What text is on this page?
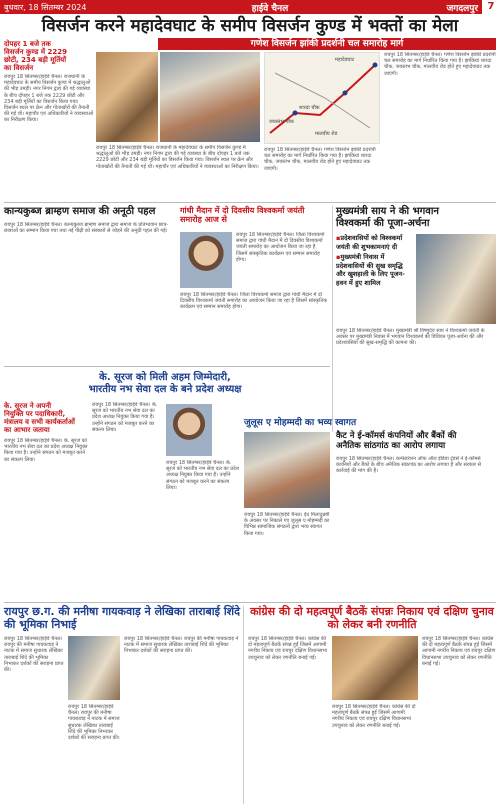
बुधवार, 18 सितम्बर 2024	हाईवे चैनल	जगदलपुर 7
विसर्जन करने महादेवघाट के समीप विसर्जन कुण्ड में भक्तों का मेला
गणेश विसर्जन झांकी प्रदर्शनी चल समारोह मार्ग
दोपहर 1 बजे तक
विसर्जन कुण्ड में 2229
छोटी, 234 बड़ी मूर्तियों
का विसर्जन
रायपुर 18 सितम्बर/हाईवे चैनल। राजधानी के महादेवघाट के समीप विसर्जन कुण्ड में श्रद्धालुओं की भीड़ उमड़ी। नगर निगम द्वारा की गई व्यवस्था के बीच दोपहर 1 बजे तक 2229 छोटी और 234 बड़ी मूर्तियों का विसर्जन किया गया। विसर्जन स्थल पर क्रेन और गोताखोरों की तैनाती की गई थी। महापौर एवं अधिकारियों ने व्यवस्थाओं का निरीक्षण किया।
रायपुर 18 सितम्बर/हाईवे चैनल। राजधानी के महादेवघाट के समीप विसर्जन कुण्ड में श्रद्धालुओं की भीड़ उमड़ी। नगर निगम द्वारा की गई व्यवस्था के बीच दोपहर 1 बजे तक 2229 छोटी और 234 बड़ी मूर्तियों का विसर्जन किया गया। विसर्जन स्थल पर क्रेन और गोताखोरों की तैनाती की गई थी। महापौर एवं अधिकारियों ने व्यवस्थाओं का निरीक्षण किया।
जयस्तंभ चौक
शारदा चौक
महादेवघाट
मालवीय रोड
रायपुर 18 सितम्बर/हाईवे चैनल। गणेश विसर्जन झांकी प्रदर्शनी चल समारोह का मार्ग निर्धारित किया गया है। झांकियां शारदा चौक, जयस्तंभ चौक, मालवीय रोड होते हुए महादेवघाट तक जाएंगी।
रायपुर 18 सितम्बर/हाईवे चैनल। गणेश विसर्जन झांकी प्रदर्शनी चल समारोह का मार्ग निर्धारित किया गया है। झांकियां शारदा चौक, जयस्तंभ चौक, मालवीय रोड होते हुए महादेवघाट तक जाएंगी।
कान्यकुब्ज ब्राम्हण समाज की अनूठी पहल
रायपुर 18 सितम्बर/हाईवे चैनल। कान्यकुब्ज ब्राम्हण समाज द्वारा समाज के प्रतिभावान छात्र-छात्राओं का सम्मान किया गया तथा नई पीढ़ी को संस्कारों से जोड़ने की अनूठी पहल की गई।
गांधी मैदान में दो दिवसीय विश्वकर्मा जयंती समारोह आज से
रायपुर 18 सितम्बर/हाईवे चैनल। जिला विश्वकर्मा समाज द्वारा गांधी मैदान में दो दिवसीय विश्वकर्मा जयंती समारोह का आयोजन किया जा रहा है जिसमें सांस्कृतिक कार्यक्रम एवं सम्मान समारोह होगा।
रायपुर 18 सितम्बर/हाईवे चैनल। जिला विश्वकर्मा समाज द्वारा गांधी मैदान में दो दिवसीय विश्वकर्मा जयंती समारोह का आयोजन किया जा रहा है जिसमें सांस्कृतिक कार्यक्रम एवं सम्मान समारोह होगा।
मुख्यमंत्री साय ने की भगवान
विश्वकर्मा की पूजा-अर्चना
▪प्रदेशवासियों को विश्वकर्मा जयंती की शुभकामनाएं दी
▪मुख्यमंत्री निवास में प्रदेशवासियों की सुख समृद्धि और खुशहाली के लिए पूजन-हवन में हुए शामिल
रायपुर 18 सितम्बर/हाईवे चैनल। मुख्यमंत्री श्री विष्णुदेव साय ने विश्वकर्मा जयंती के अवसर पर मुख्यमंत्री निवास में भगवान विश्वकर्मा की विधिवत पूजा-अर्चना की और प्रदेशवासियों की सुख-समृद्धि की कामना की।
के. सूरज को मिली अहम जिम्मेदारी,
भारतीय नभ सेवा दल के बने प्रदेश अध्यक्ष
के. सूरज ने अपनी
नियुक्ति पर पदाधिकारी,
मंत्रालय व सभी कार्यकर्ताओं
का आभार जताया
रायपुर 18 सितम्बर/हाईवे चैनल। के. सूरज को भारतीय नभ सेवा दल का प्रदेश अध्यक्ष नियुक्त किया गया है। उन्होंने संगठन को मजबूत करने का संकल्प लिया।
रायपुर 18 सितम्बर/हाईवे चैनल। के. सूरज को भारतीय नभ सेवा दल का प्रदेश अध्यक्ष नियुक्त किया गया है। उन्होंने संगठन को मजबूत करने का संकल्प लिया।
रायपुर 18 सितम्बर/हाईवे चैनल। के. सूरज को भारतीय नभ सेवा दल का प्रदेश अध्यक्ष नियुक्त किया गया है। उन्होंने संगठन को मजबूत करने का संकल्प लिया।
जुलूस ए मोहम्मदी का भव्य स्वागत
रायपुर 18 सितम्बर/हाईवे चैनल। ईद मिलादुन्नबी के अवसर पर निकाले गए जुलूस ए मोहम्मदी का विभिन्न सामाजिक संगठनों द्वारा भव्य स्वागत किया गया।
कैट ने ई-कॉमर्स कंपनियों और बैंकों की
अनैतिक सांठगांठ का आरोप लगाया
रायपुर 18 सितम्बर/हाईवे चैनल। कन्फेडरेशन ऑफ ऑल इंडिया ट्रेडर्स ने ई-कॉमर्स कंपनियों और बैंकों के बीच अनैतिक सांठगांठ का आरोप लगाया है और सरकार से कार्रवाई की मांग की है।
रायपुर छ.ग. की मनीषा गायकवाड़ ने लेखिका ताराबाई शिंदे की भूमिका निभाई
रायपुर 18 सितम्बर/हाईवे चैनल। रायपुर की मनीषा गायकवाड़ ने नाटक में समाज सुधारक लेखिका ताराबाई शिंदे की भूमिका निभाकर दर्शकों की सराहना प्राप्त की।
रायपुर 18 सितम्बर/हाईवे चैनल। रायपुर की मनीषा गायकवाड़ ने नाटक में समाज सुधारक लेखिका ताराबाई शिंदे की भूमिका निभाकर दर्शकों की सराहना प्राप्त की।
रायपुर 18 सितम्बर/हाईवे चैनल। रायपुर की मनीषा गायकवाड़ ने नाटक में समाज सुधारक लेखिका ताराबाई शिंदे की भूमिका निभाकर दर्शकों की सराहना प्राप्त की।
कांग्रेस की दो महत्वपूर्ण बैठकें संपन्नः निकाय एवं दक्षिण चुनाव को लेकर बनी रणनीति
रायपुर 18 सितम्बर/हाईवे चैनल। कांग्रेस की दो महत्वपूर्ण बैठकें संपन्न हुईं जिसमें आगामी नगरीय निकाय एवं रायपुर दक्षिण विधानसभा उपचुनाव को लेकर रणनीति बनाई गई।
रायपुर 18 सितम्बर/हाईवे चैनल। कांग्रेस की दो महत्वपूर्ण बैठकें संपन्न हुईं जिसमें आगामी नगरीय निकाय एवं रायपुर दक्षिण विधानसभा उपचुनाव को लेकर रणनीति बनाई गई।
रायपुर 18 सितम्बर/हाईवे चैनल। कांग्रेस की दो महत्वपूर्ण बैठकें संपन्न हुईं जिसमें आगामी नगरीय निकाय एवं रायपुर दक्षिण विधानसभा उपचुनाव को लेकर रणनीति बनाई गई।
